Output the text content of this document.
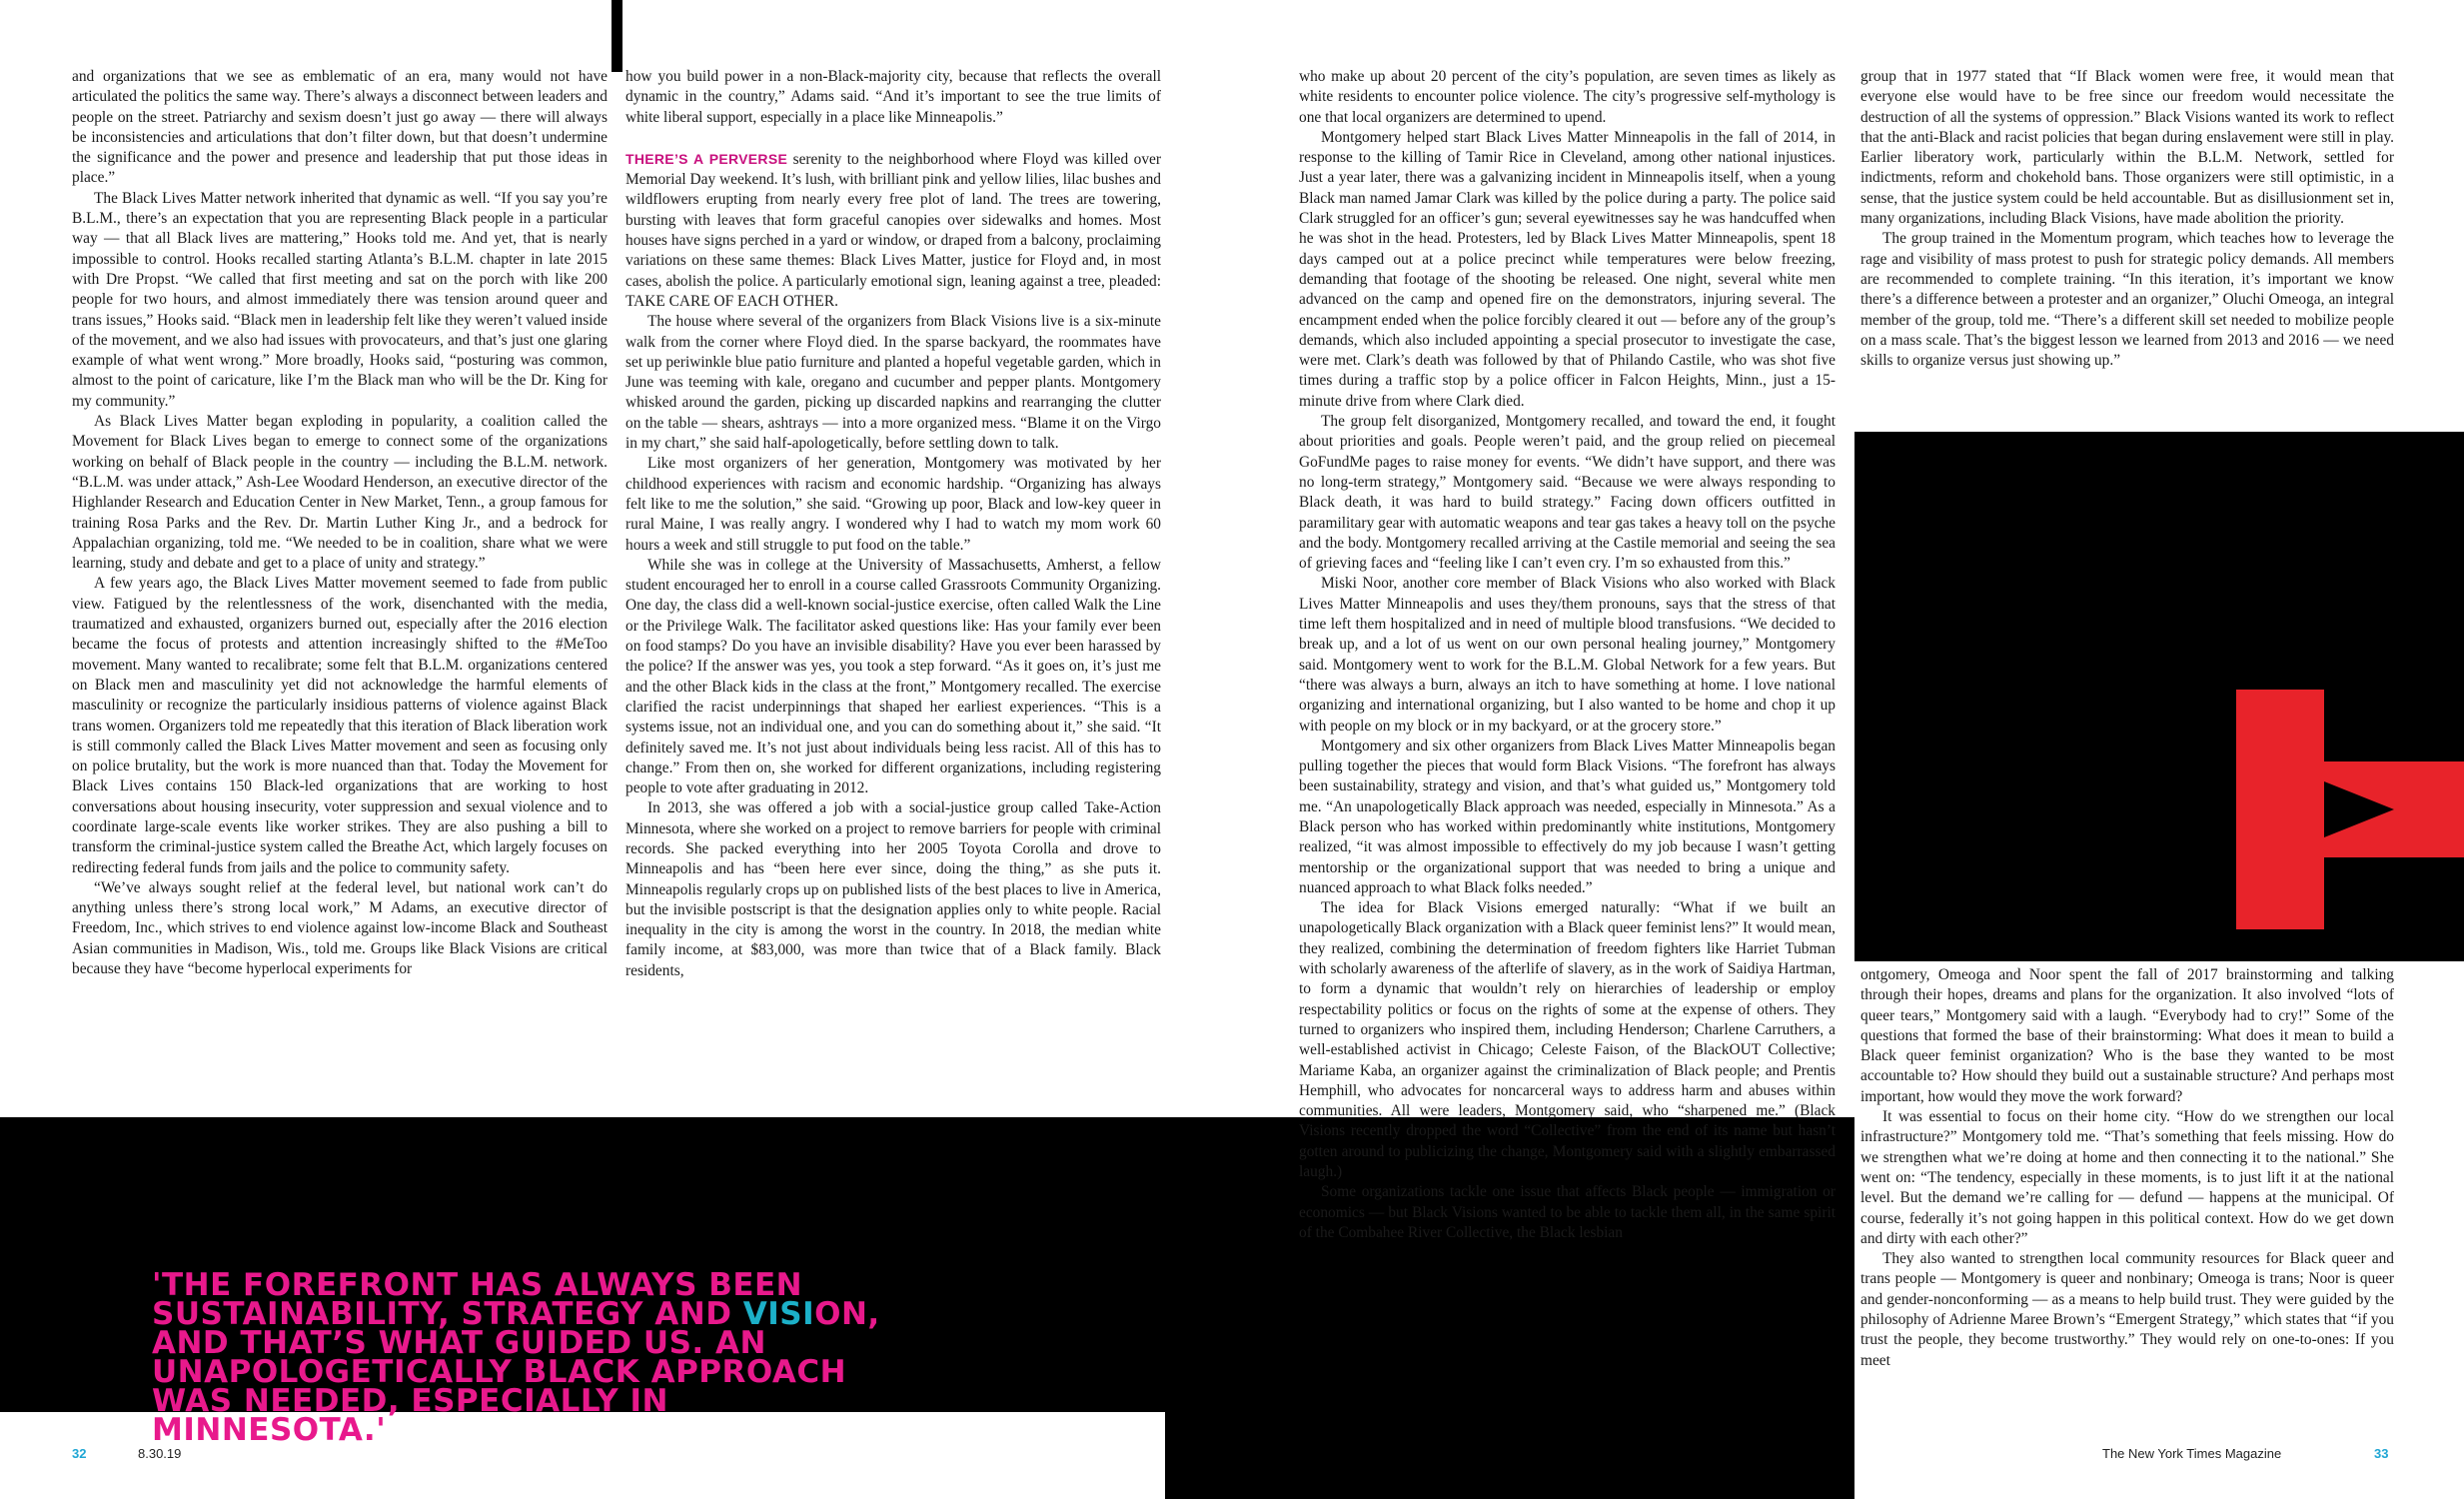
and organizations that we see as emblematic of an era, many would not have articulated the politics the same way. There’s always a disconnect between leaders and people on the street. Patriarchy and sexism doesn’t just go away — there will always be inconsistencies and articulations that don’t filter down, but that doesn’t undermine the significance and the power and presence and leadership that put those ideas in place.”

The Black Lives Matter network inherited that dynamic as well. “If you say you’re B.L.M., there’s an expectation that you are representing Black people in a particular way — that all Black lives are mattering,” Hooks told me. And yet, that is nearly impossible to control. Hooks recalled starting Atlanta’s B.L.M. chapter in late 2015 with Dre Propst. “We called that first meeting and sat on the porch with like 200 people for two hours, and almost immediately there was tension around queer and trans issues,” Hooks said. “Black men in leadership felt like they weren’t valued inside of the movement, and we also had issues with provocateurs, and that’s just one glaring example of what went wrong.” More broadly, Hooks said, “posturing was common, almost to the point of caricature, like I’m the Black man who will be the Dr. King for my community.”

As Black Lives Matter began exploding in popularity, a coalition called the Movement for Black Lives began to emerge to connect some of the organizations working on behalf of Black people in the country — including the B.L.M. network. “B.L.M. was under attack,” Ash-Lee Woodard Henderson, an executive director of the Highlander Research and Education Center in New Market, Tenn., a group famous for training Rosa Parks and the Rev. Dr. Martin Luther King Jr., and a bedrock for Appalachian organizing, told me. “We needed to be in coalition, share what we were learning, study and debate and get to a place of unity and strategy.”

A few years ago, the Black Lives Matter movement seemed to fade from public view. Fatigued by the relentlessness of the work, disenchanted with the media, traumatized and exhausted, organizers burned out, especially after the 2016 election became the focus of protests and attention increasingly shifted to the #MeToo movement. Many wanted to recalibrate; some felt that B.L.M. organizations centered on Black men and masculinity yet did not acknowledge the harmful elements of masculinity or recognize the particularly insidious patterns of violence against Black trans women. Organizers told me repeatedly that this iteration of Black liberation work is still commonly called the Black Lives Matter movement and seen as focusing only on police brutality, but the work is more nuanced than that. Today the Movement for Black Lives contains 150 Black-led organizations that are working to host conversations about housing insecurity, voter suppression and sexual violence and to coordinate large-scale events like worker strikes. They are also pushing a bill to transform the criminal-justice system called the Breathe Act, which largely focuses on redirecting federal funds from jails and the police to community safety.

“We’ve always sought relief at the federal level, but national work can’t do anything unless there’s strong local work,” M Adams, an executive director of Freedom, Inc., which strives to end violence against low-income Black and Southeast Asian communities in Madison, Wis., told me. Groups like Black Visions are critical because they have “become hyperlocal experiments for

how you build power in a non-Black-majority city, because that reflects the overall dynamic in the country,” Adams said. “And it’s important to see the true limits of white liberal support, especially in a place like Minneapolis.”

THERE’S A PERVERSE serenity to the neighborhood where Floyd was killed over Memorial Day weekend. It’s lush, with brilliant pink and yellow lilies, lilac bushes and wildflowers erupting from nearly every free plot of land. The trees are towering, bursting with leaves that form graceful canopies over sidewalks and homes. Most houses have signs perched in a yard or window, or draped from a balcony, proclaiming variations on these same themes: Black Lives Matter, justice for Floyd and, in most cases, abolish the police. A particularly emotional sign, leaning against a tree, pleaded: TAKE CARE OF EACH OTHER.

The house where several of the organizers from Black Visions live is a six-minute walk from the corner where Floyd died. In the sparse backyard, the roommates have set up periwinkle blue patio furniture and planted a hopeful vegetable garden, which in June was teeming with kale, oregano and cucumber and pepper plants. Montgomery whisked around the garden, picking up discarded napkins and rearranging the clutter on the table — shears, ashtrays — into a more organized mess. “Blame it on the Virgo in my chart,” she said half-apologetically, before settling down to talk.

Like most organizers of her generation, Montgomery was motivated by her childhood experiences with racism and economic hardship. “Organizing has always felt like to me the solution,” she said. “Growing up poor, Black and low-key queer in rural Maine, I was really angry. I wondered why I had to watch my mom work 60 hours a week and still struggle to put food on the table.”

While she was in college at the University of Massachusetts, Amherst, a fellow student encouraged her to enroll in a course called Grassroots Community Organizing. One day, the class did a well-known social-justice exercise, often called Walk the Line or the Privilege Walk. The facilitator asked questions like: Has your family ever been on food stamps? Do you have an invisible disability? Have you ever been harassed by the police? If the answer was yes, you took a step forward. “As it goes on, it’s just me and the other Black kids in the class at the front,” Montgomery recalled. The exercise clarified the racist underpinnings that shaped her earliest experiences. “This is a systems issue, not an individual one, and you can do something about it,” she said. “It definitely saved me. It’s not just about individuals being less racist. All of this has to change.” From then on, she worked for different organizations, including registering people to vote after graduating in 2012.

In 2013, she was offered a job with a social-justice group called Take-Action Minnesota, where she worked on a project to remove barriers for people with criminal records. She packed everything into her 2005 Toyota Corolla and drove to Minneapolis and has “been here ever since, doing the thing,” as she puts it. Minneapolis regularly crops up on published lists of the best places to live in America, but the invisible postscript is that the designation applies only to white people. Racial inequality in the city is among the worst in the country. In 2018, the median white family income, at $83,000, was more than twice that of a Black family. Black residents,

who make up about 20 percent of the city’s population, are seven times as likely as white residents to encounter police violence. The city’s progressive self-mythology is one that local organizers are determined to upend.

Montgomery helped start Black Lives Matter Minneapolis in the fall of 2014, in response to the killing of Tamir Rice in Cleveland, among other national injustices. Just a year later, there was a galvanizing incident in Minneapolis itself, when a young Black man named Jamar Clark was killed by the police during a party. The police said Clark struggled for an officer’s gun; several eyewitnesses say he was handcuffed when he was shot in the head. Protesters, led by Black Lives Matter Minneapolis, spent 18 days camped out at a police precinct while temperatures were below freezing, demanding that footage of the shooting be released. One night, several white men advanced on the camp and opened fire on the demonstrators, injuring several. The encampment ended when the police forcibly cleared it out — before any of the group’s demands, which also included appointing a special prosecutor to investigate the case, were met. Clark’s death was followed by that of Philando Castile, who was shot five times during a traffic stop by a police officer in Falcon Heights, Minn., just a 15-minute drive from where Clark died.

The group felt disorganized, Montgomery recalled, and toward the end, it fought about priorities and goals. People weren’t paid, and the group relied on piecemeal GoFundMe pages to raise money for events. “We didn’t have support, and there was no long-term strategy,” Montgomery said. “Because we were always responding to Black death, it was hard to build strategy.” Facing down officers outfitted in paramilitary gear with automatic weapons and tear gas takes a heavy toll on the psyche and the body. Montgomery recalled arriving at the Castile memorial and seeing the sea of grieving faces and “feeling like I can’t even cry. I’m so exhausted from this.”

Miski Noor, another core member of Black Visions who also worked with Black Lives Matter Minneapolis and uses they/them pronouns, says that the stress of that time left them hospitalized and in need of multiple blood transfusions. “We decided to break up, and a lot of us went on our own personal healing journey,” Montgomery said. Montgomery went to work for the B.L.M. Global Network for a few years. But “there was always a burn, always an itch to have something at home. I love national organizing and international organizing, but I also wanted to be home and chop it up with people on my block or in my backyard, or at the grocery store.”

Montgomery and six other organizers from Black Lives Matter Minneapolis began pulling together the pieces that would form Black Visions. “The forefront has always been sustainability, strategy and vision, and that’s what guided us,” Montgomery told me. “An unapologetically Black approach was needed, especially in Minnesota.” As a Black person who has worked within predominantly white institutions, Montgomery realized, “it was almost impossible to effectively do my job because I wasn’t getting mentorship or the organizational support that was needed to bring a unique and nuanced approach to what Black folks needed.”

The idea for Black Visions emerged naturally: “What if we built an unapologetically Black organization with a Black queer feminist lens?” It would mean, they realized, combining the determination of freedom fighters like Harriet Tubman with scholarly awareness of the afterlife of slavery, as in the work of Saidiya Hartman, to form a dynamic that wouldn’t rely on hierarchies of leadership or employ respectability politics or focus on the rights of some at the expense of others. They turned to organizers who inspired them, including Henderson; Charlene Carruthers, a well-established activist in Chicago; Celeste Faison, of the BlackOUT Collective; Mariame Kaba, an organizer against the criminalization of Black people; and Prentis Hemphill, who advocates for noncarceral ways to address harm and abuses within communities. All were leaders, Montgomery said, who “sharpened me.” (Black Visions recently dropped the word “Collective” from the end of its name but hasn’t gotten around to publicizing the change, Montgomery said with a slightly embarrassed laugh.)

Some organizations tackle one issue that affects Black people — immigration or economics — but Black Visions wanted to be able to tackle them all, in the same spirit of the Combahee River Collective, the Black lesbian

group that in 1977 stated that “If Black women were free, it would mean that everyone else would have to be free since our freedom would necessitate the destruction of all the systems of oppression.” Black Visions wanted its work to reflect that the anti-Black and racist policies that began during enslavement were still in play. Earlier liberatory work, particularly within the B.L.M. Network, settled for indictments, reform and chokehold bans. Those organizers were still optimistic, in a sense, that the justice system could be held accountable. But as disillusionment set in, many organizations, including Black Visions, have made abolition the priority.

The group trained in the Momentum program, which teaches how to leverage the rage and visibility of mass protest to push for strategic policy demands. All members are recommended to complete training. “In this iteration, it’s important we know there’s a difference between a protester and an organizer,” Oluchi Omeoga, an integral member of the group, told me. “There’s a different skill set needed to mobilize people on a mass scale. That’s the biggest lesson we learned from 2013 and 2016 — we need skills to organize versus just showing up.”

ontgomery, Omeoga and Noor spent the fall of 2017 brainstorming and talking through their hopes, dreams and plans for the organization. It also involved “lots of queer tears,” Montgomery said with a laugh. “Everybody had to cry!” Some of the questions that formed the base of their brainstorming: What does it mean to build a Black queer feminist organization? Who is the base they wanted to be most accountable to? How should they build out a sustainable structure? And perhaps most important, how would they move the work forward?

It was essential to focus on their home city. “How do we strengthen our local infrastructure?” Montgomery told me. “That’s something that feels missing. How do we strengthen what we’re doing at home and then connecting it to the national.” She went on: “The tendency, especially in these moments, is to just lift it at the national level. But the demand we’re calling for — defund — happens at the municipal. Of course, federally it’s not going happen in this political context. How do we get down and dirty with each other?”

They also wanted to strengthen local community resources for Black queer and trans people — Montgomery is queer and nonbinary; Omeoga is trans; Noor is queer and gender-nonconforming — as a means to help build trust. They were guided by the philosophy of Adrienne Maree Brown’s “Emergent Strategy,” which states that “if you trust the people, they become trustworthy.” They would rely on one-to-ones: If you meet

'THE FOREFRONT HAS ALWAYS BEEN SUSTAINABILITY, STRATEGY AND VISION, AND THAT’S WHAT GUIDED US. AN UNAPOLOGETICALLY BLACK APPROACH WAS NEEDED, ESPECIALLY IN MINNESOTA.'
32	8.30.19	The New York Times Magazine	33
